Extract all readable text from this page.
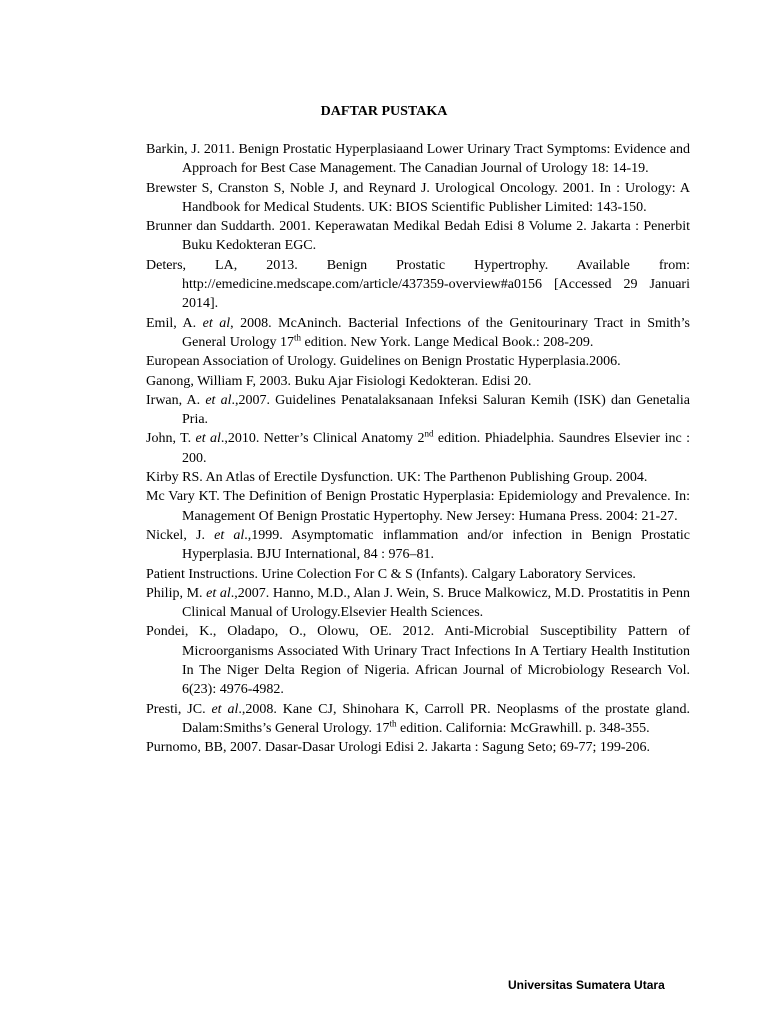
DAFTAR PUSTAKA
Barkin, J. 2011. Benign Prostatic Hyperplasiaand Lower Urinary Tract Symptoms: Evidence and Approach for Best Case Management. The Canadian Journal of Urology 18: 14-19.
Brewster S, Cranston S, Noble J, and Reynard J. Urological Oncology. 2001. In : Urology: A Handbook for Medical Students. UK: BIOS Scientific Publisher Limited: 143-150.
Brunner dan Suddarth. 2001. Keperawatan Medikal Bedah Edisi 8 Volume 2. Jakarta : Penerbit Buku Kedokteran EGC.
Deters, LA, 2013. Benign Prostatic Hypertrophy. Available from: http://emedicine.medscape.com/article/437359-overview#a0156 [Accessed 29 Januari 2014].
Emil, A. et al, 2008. McAninch. Bacterial Infections of the Genitourinary Tract in Smith’s General Urology 17th edition. New York. Lange Medical Book.: 208-209.
European Association of Urology. Guidelines on Benign Prostatic Hyperplasia.2006.
Ganong, William F, 2003. Buku Ajar Fisiologi Kedokteran. Edisi 20.
Irwan, A. et al.,2007. Guidelines Penatalaksanaan Infeksi Saluran Kemih (ISK) dan Genetalia Pria.
John, T. et al.,2010. Netter’s Clinical Anatomy 2nd edition. Phiadelphia. Saundres Elsevier inc : 200.
Kirby RS. An Atlas of Erectile Dysfunction. UK: The Parthenon Publishing Group. 2004.
Mc Vary KT. The Definition of Benign Prostatic Hyperplasia: Epidemiology and Prevalence. In: Management Of Benign Prostatic Hypertophy. New Jersey: Humana Press. 2004: 21-27.
Nickel, J. et al.,1999. Asymptomatic inflammation and/or infection in Benign Prostatic Hyperplasia. BJU International, 84 : 976–81.
Patient Instructions. Urine Colection For C & S (Infants). Calgary Laboratory Services.
Philip, M. et al.,2007. Hanno, M.D., Alan J. Wein, S. Bruce Malkowicz, M.D. Prostatitis in Penn Clinical Manual of Urology.Elsevier Health Sciences.
Pondei, K., Oladapo, O., Olowu, OE. 2012. Anti-Microbial Susceptibility Pattern of Microorganisms Associated With Urinary Tract Infections In A Tertiary Health Institution In The Niger Delta Region of Nigeria. African Journal of Microbiology Research Vol. 6(23): 4976-4982.
Presti, JC. et al.,2008. Kane CJ, Shinohara K, Carroll PR. Neoplasms of the prostate gland. Dalam:Smiths’s General Urology. 17th edition. California: McGrawhill. p. 348-355.
Purnomo, BB, 2007. Dasar-Dasar Urologi Edisi 2. Jakarta : Sagung Seto; 69-77; 199-206.
Universitas Sumatera Utara
